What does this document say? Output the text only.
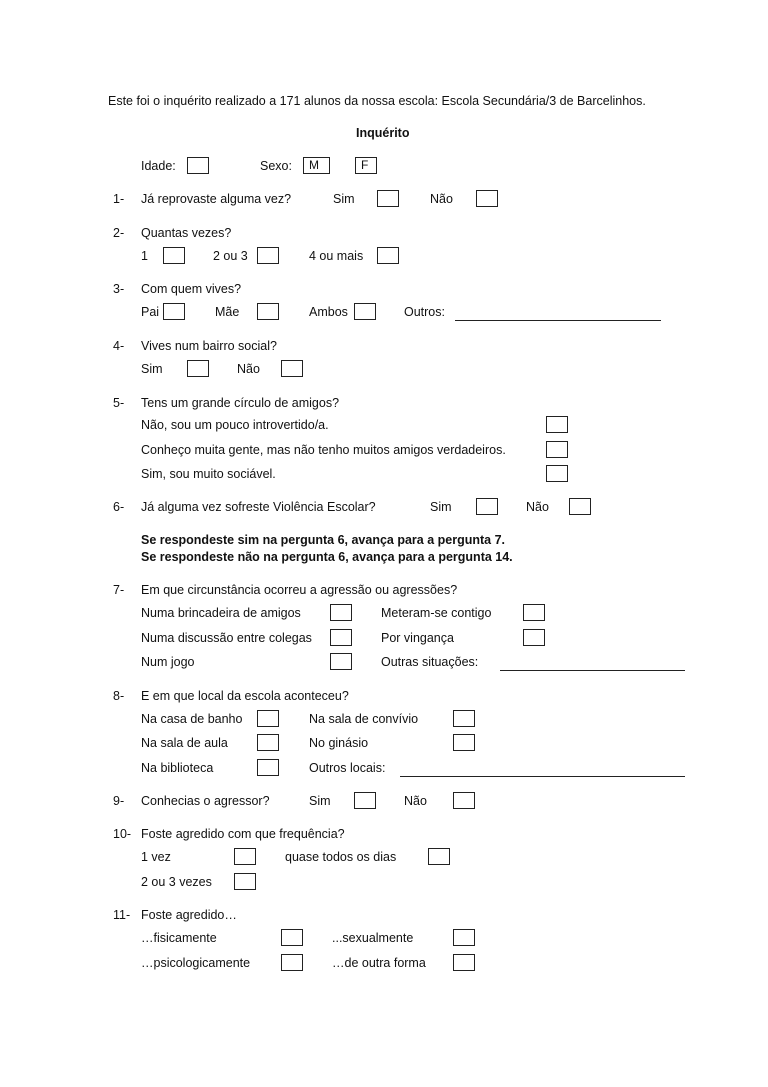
Este foi o inquérito realizado a 171 alunos da nossa escola: Escola Secundária/3 de Barcelinhos.
Inquérito
Idade:	Sexo:	M	F
1- Já reprovaste alguma vez?	Sim	Não
2- Quantas vezes?
1	2 ou 3	4 ou mais
3- Com quem vives?
Pai	Mãe	Ambos	Outros:
4- Vives num bairro social?
Sim	Não
5- Tens um grande círculo de amigos?
Não, sou um pouco introvertido/a.
Conheço muita gente, mas não tenho muitos amigos verdadeiros.
Sim, sou muito sociável.
6- Já alguma vez sofreste Violência Escolar?	Sim	Não
Se respondeste sim na pergunta 6, avança para a pergunta 7.
Se respondeste não na pergunta 6, avança para a pergunta 14.
7- Em que circunstância ocorreu a agressão ou agressões?
Numa brincadeira de amigos	Meteram-se contigo
Numa discussão entre colegas	Por vingança
Num jogo	Outras situações:
8- E em que local da escola aconteceu?
Na casa de banho	Na sala de convívio
Na sala de aula	No ginásio
Na biblioteca	Outros locais:
9- Conhecias o agressor?	Sim	Não
10- Foste agredido com que frequência?
1 vez	quase todos os dias
2 ou 3 vezes
11- Foste agredido…
…fisicamente	...sexualmente
…psicologicamente	…de outra forma
